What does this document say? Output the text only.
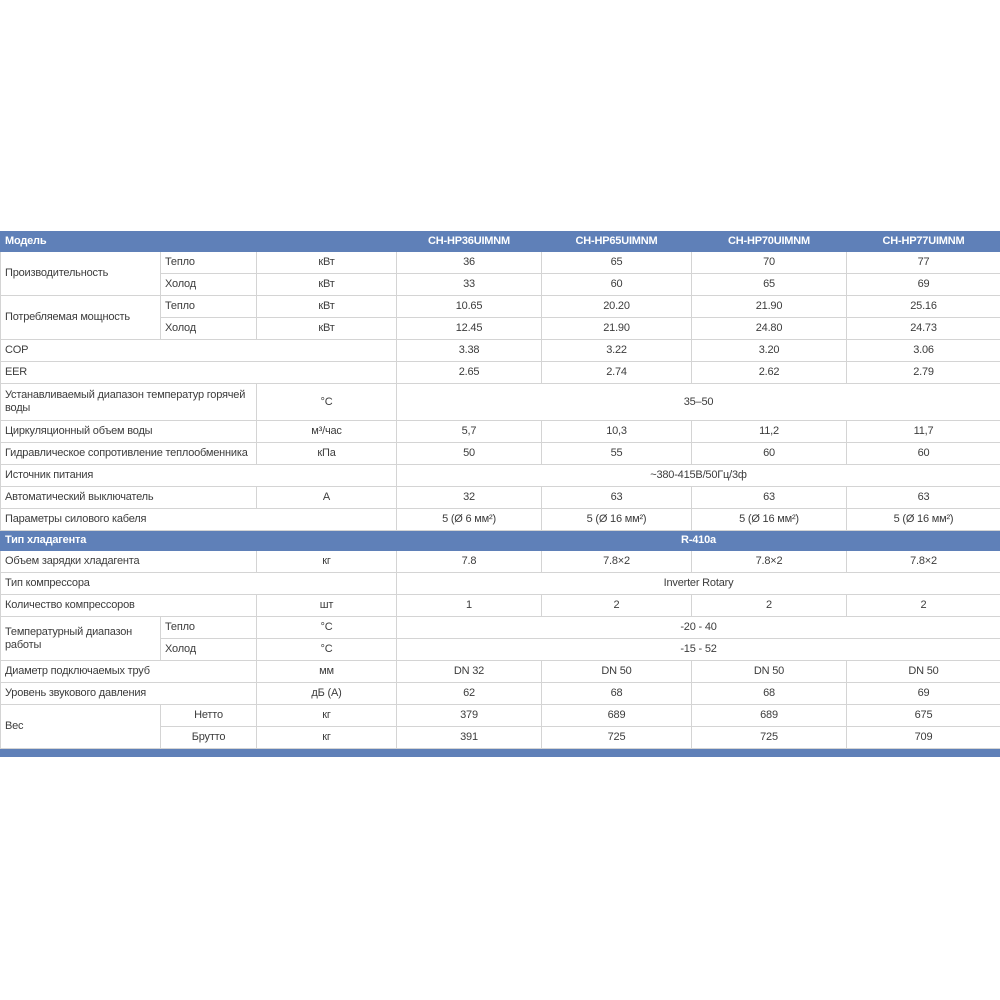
Модель			CH-HP36UIMNM	CH-HP65UIMNM	CH-HP70UIMNM	CH-HP77UIMNM
Производительность	Тепло	кВт	36	65	70	77
	Холод	кВт	33	60	65	69
Потребляемая мощность	Тепло	кВт	10.65	20.20	21.90	25.16
	Холод	кВт	12.45	21.90	24.80	24.73
COP			3.38	3.22	3.20	3.06
EER			2.65	2.74	2.62	2.79
Устанавливаемый диапазон температур горячей воды		°C	35–50			
Циркуляционный объем воды		м³/час	5,7	10,3	11,2	11,7
Гидравлическое сопротивление теплообменника		кПа	50	55	60	60
Источник питания			~380-415В/50Гц/3ф			
Автоматический выключатель		А	32	63	63	63
Параметры силового кабеля			5 (Ø 6 мм²)	5 (Ø 16 мм²)	5 (Ø 16 мм²)	5 (Ø 16 мм²)
Тип хладагента			R-410a			
Объем зарядки хладагента		кг	7.8	7.8×2	7.8×2	7.8×2
Тип компрессора			Inverter Rotary			
Количество компрессоров		шт	1	2	2	2
Температурный диапазон работы	Тепло	°C	-20 - 40			
	Холод	°C	-15 - 52			
Диаметр подключаемых труб		мм	DN 32	DN 50	DN 50	DN 50
Уровень звукового давления		дБ (А)	62	68	68	69
Вес	Нетто	кг	379	689	689	675
	Брутто	кг	391	725	725	709
